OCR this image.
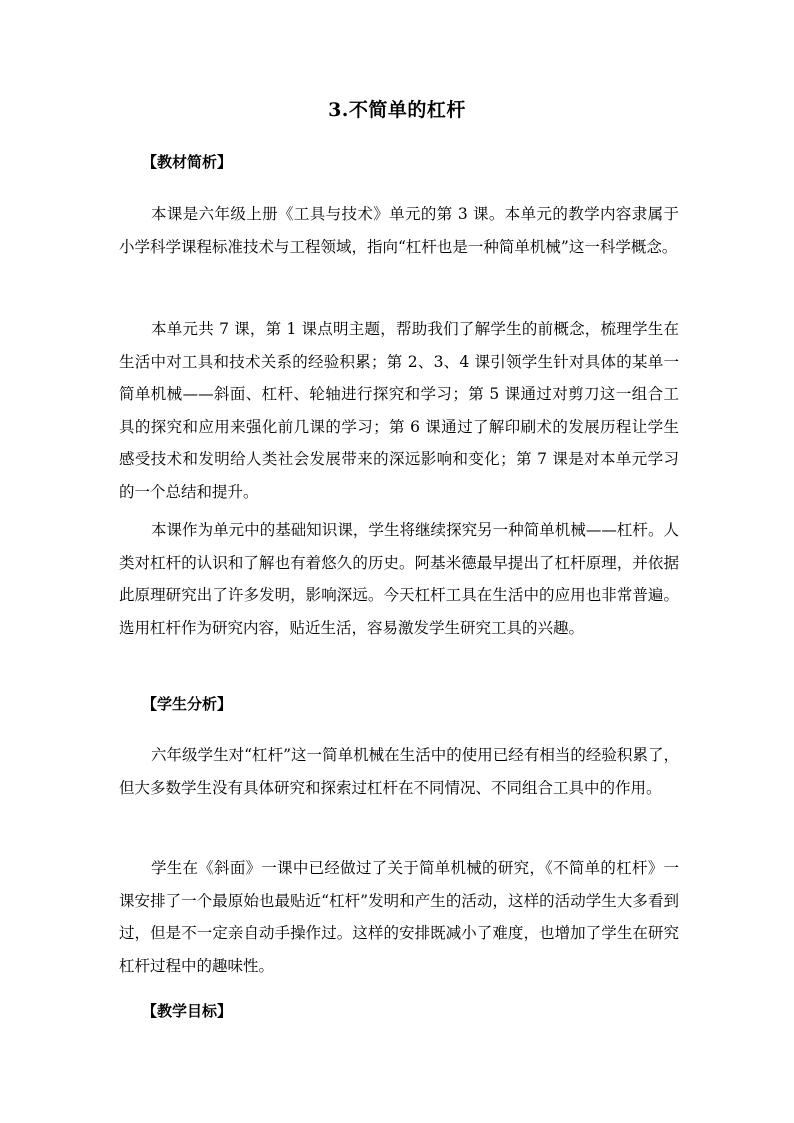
3.不简单的杠杆
【教材简析】

本课是六年级上册《工具与技术》单元的第 3 课。本单元的教学内容隶属于小学科学课程标准技术与工程领域，指向“杠杆也是一种简单机械”这一科学概念。

本单元共 7 课，第 1 课点明主题，帮助我们了解学生的前概念，梳理学生在生活中对工具和技术关系的经验积累；第 2、3、4 课引领学生针对具体的某单一简单机械——斜面、杠杆、轮轴进行探究和学习；第 5 课通过对剪刀这一组合工具的探究和应用来强化前几课的学习；第 6 课通过了解印刷术的发展历程让学生感受技术和发明给人类社会发展带来的深远影响和变化；第 7 课是对本单元学习的一个总结和提升。

本课作为单元中的基础知识课，学生将继续探究另一种简单机械——杠杆。人类对杠杆的认识和了解也有着悠久的历史。阿基米德最早提出了杠杆原理，并依据此原理研究出了许多发明，影响深远。今天杠杆工具在生活中的应用也非常普遍。选用杠杆作为研究内容，贴近生活，容易激发学生研究工具的兴趣。

【学生分析】

六年级学生对“杠杆”这一简单机械在生活中的使用已经有相当的经验积累了，但大多数学生没有具体研究和探索过杠杆在不同情况、不同组合工具中的作用。

学生在《斜面》一课中已经做过了关于简单机械的研究，《不简单的杠杆》一课安排了一个最原始也最贴近“杠杆”发明和产生的活动，这样的活动学生大多看到过，但是不一定亲自动手操作过。这样的安排既减小了难度，也增加了学生在研究杠杆过程中的趣味性。

【教学目标】
